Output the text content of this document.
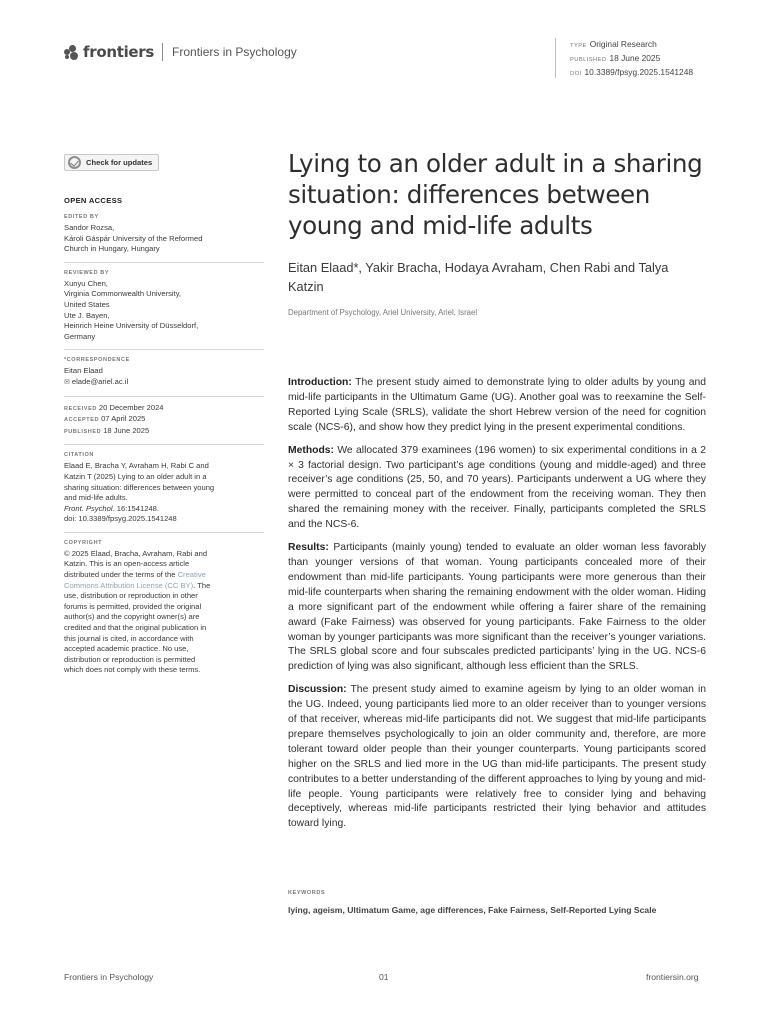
frontiers Frontiers in Psychology	TYPE Original Research
PUBLISHED 18 June 2025
DOI 10.3389/fpsyg.2025.1541248
Check for updates
OPEN ACCESS
EDITED BY
Sandor Rozsa,
Károli Gáspár University of the Reformed
Church in Hungary, Hungary
REVIEWED BY
Xunyu Chen,
Virginia Commonwealth University,
United States
Ute J. Bayen,
Heinrich Heine University of Düsseldorf,
Germany
*CORRESPONDENCE
Eitan Elaad
✉ elade@ariel.ac.il
RECEIVED 20 December 2024
ACCEPTED 07 April 2025
PUBLISHED 18 June 2025
CITATION
Elaad E, Bracha Y, Avraham H, Rabi C and
Katzin T (2025) Lying to an older adult in a
sharing situation: differences between young
and mid-life adults.
Front. Psychol. 16:1541248.
doi: 10.3389/fpsyg.2025.1541248
COPYRIGHT
© 2025 Elaad, Bracha, Avraham, Rabi and
Katzin. This is an open-access article
distributed under the terms of the Creative
Commons Attribution License (CC BY). The
use, distribution or reproduction in other
forums is permitted, provided the original
author(s) and the copyright owner(s) are
credited and that the original publication in
this journal is cited, in accordance with
accepted academic practice. No use,
distribution or reproduction is permitted
which does not comply with these terms.
Lying to an older adult in a sharing situation: differences between young and mid-life adults
Eitan Elaad*, Yakir Bracha, Hodaya Avraham, Chen Rabi and Talya Katzin
Department of Psychology, Ariel University, Ariel, Israel

Introduction: The present study aimed to demonstrate lying to older adults by young and mid-life participants in the Ultimatum Game (UG). Another goal was to reexamine the Self-Reported Lying Scale (SRLS), validate the short Hebrew version of the need for cognition scale (NCS-6), and show how they predict lying in the present experimental conditions.

Methods: We allocated 379 examinees (196 women) to six experimental conditions in a 2 × 3 factorial design. Two participant’s age conditions (young and middle-aged) and three receiver’s age conditions (25, 50, and 70 years). Participants underwent a UG where they were permitted to conceal part of the endowment from the receiving woman. They then shared the remaining money with the receiver. Finally, participants completed the SRLS and the NCS-6.

Results: Participants (mainly young) tended to evaluate an older woman less favorably than younger versions of that woman. Young participants concealed more of their endowment than mid-life participants. Young participants were more generous than their mid-life counterparts when sharing the remaining endowment with the older woman. Hiding a more significant part of the endowment while offering a fairer share of the remaining award (Fake Fairness) was observed for young participants. Fake Fairness to the older woman by younger participants was more significant than the receiver’s younger variations. The SRLS global score and four subscales predicted participants’ lying in the UG. NCS-6 prediction of lying was also significant, although less efficient than the SRLS.

Discussion: The present study aimed to examine ageism by lying to an older woman in the UG. Indeed, young participants lied more to an older receiver than to younger versions of that receiver, whereas mid-life participants did not. We suggest that mid-life participants prepare themselves psychologically to join an older community and, therefore, are more tolerant toward older people than their younger counterparts. Young participants scored higher on the SRLS and lied more in the UG than mid-life participants. The present study contributes to a better understanding of the different approaches to lying by young and mid-life people. Young participants were relatively free to consider lying and behaving deceptively, whereas mid-life participants restricted their lying behavior and attitudes toward lying.

KEYWORDS
lying, ageism, Ultimatum Game, age differences, Fake Fairness, Self-Reported Lying Scale
Frontiers in Psychology	01	frontiersin.org
